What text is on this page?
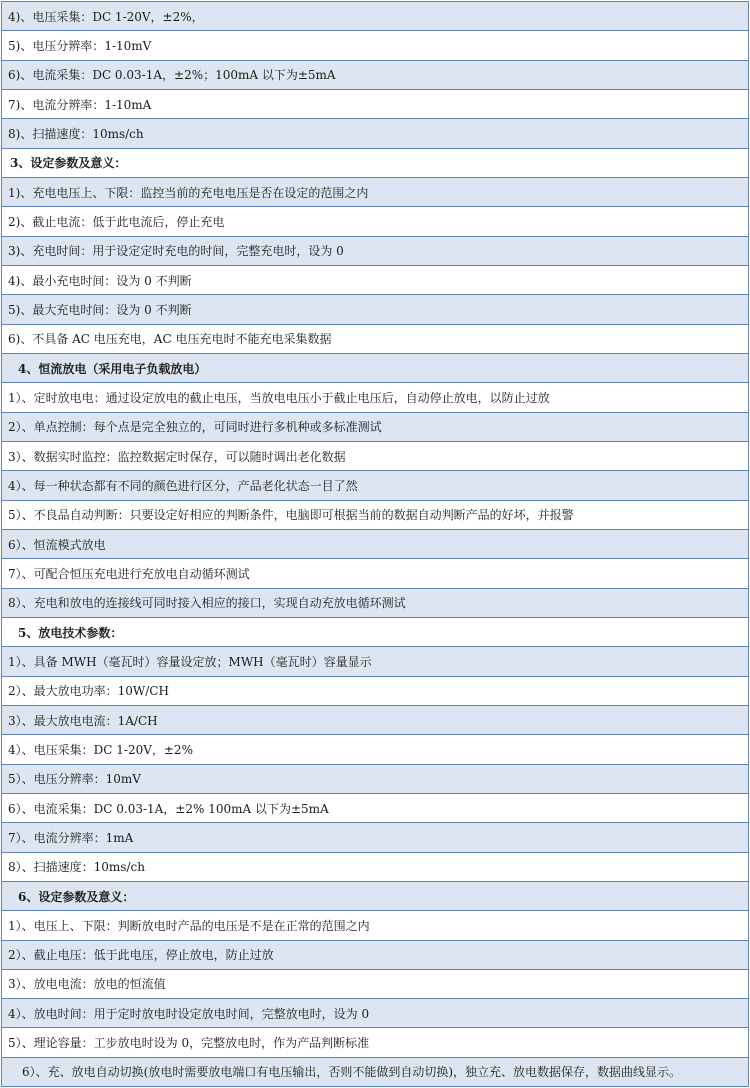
4)、电压采集：DC 1-20V，±2%，
5)、电压分辨率：1-10mV
6)、电流采集：DC 0.03-1A，±2%；100mA 以下为±5mA
7)、电流分辨率：1-10mA
8)、扫描速度：10ms/ch
3、设定参数及意义：
1)、充电电压上、下限：监控当前的充电电压是否在设定的范围之内
2)、截止电流：低于此电流后，停止充电
3)、充电时间：用于设定定时充电的时间，完整充电时，设为 0
4)、最小充电时间：设为 0 不判断
5)、最大充电时间：设为 0 不判断
6)、不具备 AC 电压充电，AC 电压充电时不能充电采集数据
4、恒流放电（采用电子负载放电）
1）、定时放电电：通过设定放电的截止电压，当放电电压小于截止电压后，自动停止放电，以防止过放
2）、单点控制：每个点是完全独立的，可同时进行多机种或多标准测试
3）、数据实时监控：监控数据定时保存，可以随时调出老化数据
4）、每一种状态都有不同的颜色进行区分，产品老化状态一目了然
5）、不良品自动判断：只要设定好相应的判断条件，电脑即可根据当前的数据自动判断产品的好坏，并报警
6）、恒流模式放电
7）、可配合恒压充电进行充放电自动循环测试
8）、充电和放电的连接线可同时接入相应的接口，实现自动充放电循环测试
5、放电技术参数：
1）、具备 MWH（毫瓦时）容量设定放；MWH（毫瓦时）容量显示
2）、最大放电功率：10W/CH
3）、最大放电电流：1A/CH
4）、电压采集：DC 1-20V，±2%
5）、电压分辨率：10mV
6）、电流采集：DC 0.03-1A，±2% 100mA 以下为±5mA
7）、电流分辨率：1mA
8）、扫描速度：10ms/ch
6、设定参数及意义：
1）、电压上、下限：判断放电时产品的电压是不是在正常的范围之内
2）、截止电压：低于此电压，停止放电，防止过放
3）、放电电流：放电的恒流值
4）、放电时间：用于定时放电时设定放电时间，完整放电时，设为 0
5）、理论容量：工步放电时设为 0，完整放电时，作为产品判断标准
6）、充、放电自动切换(放电时需要放电端口有电压输出，否则不能做到自动切换)，独立充、放电数据保存，数据曲线显示。
